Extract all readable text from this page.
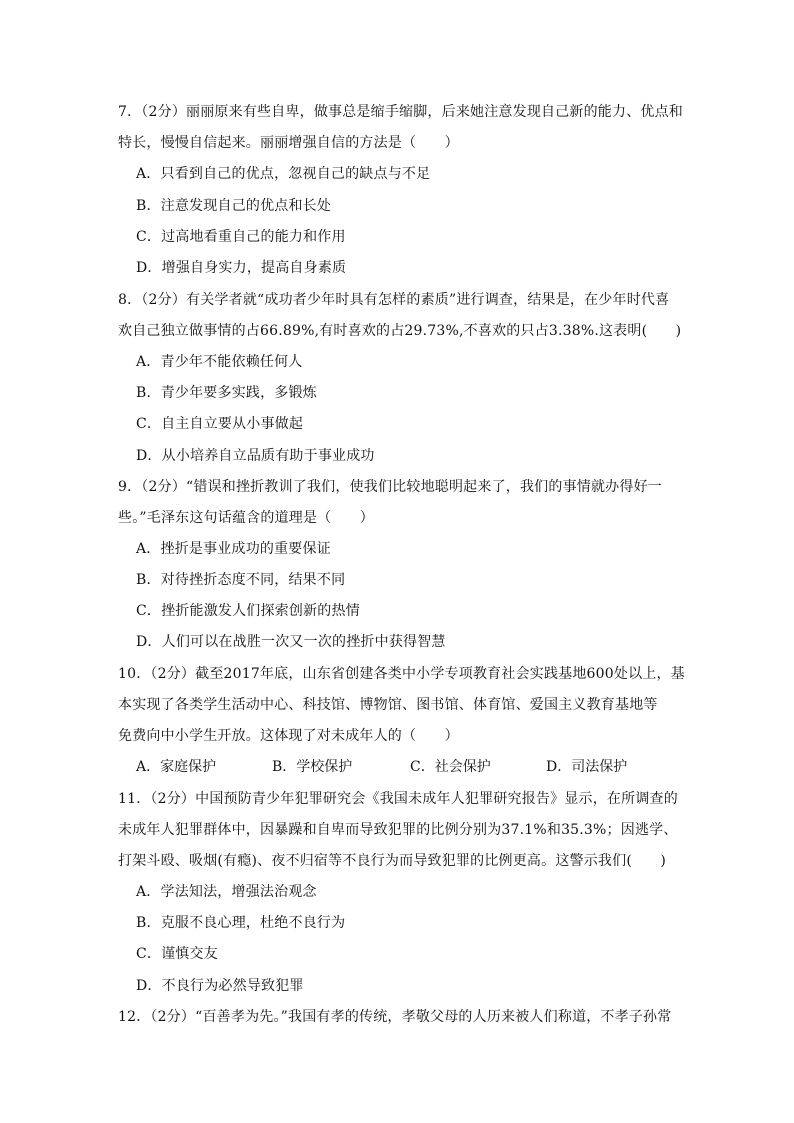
7．（2分）丽丽原来有些自卑，做事总是缩手缩脚，后来她注意发现自己新的能力、优点和
特长，慢慢自信起来。丽丽增强自信的方法是（　　）
A．只看到自己的优点，忽视自己的缺点与不足
B．注意发现自己的优点和长处
C．过高地看重自己的能力和作用
D．增强自身实力，提高自身素质
8．（2分）有关学者就“成功者少年时具有怎样的素质”进行调查，结果是，在少年时代喜
欢自己独立做事情的占66.89%,有时喜欢的占29.73%,不喜欢的只占3.38%.这表明(　　)
A．青少年不能依赖任何人
B．青少年要多实践，多锻炼
C．自主自立要从小事做起
D．从小培养自立品质有助于事业成功
9．（2分）“错误和挫折教训了我们，使我们比较地聪明起来了，我们的事情就办得好一
些。”毛泽东这句话蕴含的道理是（　　）
A．挫折是事业成功的重要保证
B．对待挫折态度不同，结果不同
C．挫折能激发人们探索创新的热情
D．人们可以在战胜一次又一次的挫折中获得智慧
10．（2分）截至2017年底，山东省创建各类中小学专项教育社会实践基地600处以上，基
本实现了各类学生活动中心、科技馆、博物馆、图书馆、体育馆、爱国主义教育基地等
免费向中小学生开放。这体现了对未成年人的（　　）
A．家庭保护	B．学校保护	C．社会保护	D．司法保护
11．（2分）中国预防青少年犯罪研究会《我国未成年人犯罪研究报告》显示，在所调查的
未成年人犯罪群体中，因暴躁和自卑而导致犯罪的比例分别为37.1%和35.3%；因逃学、
打架斗殴、吸烟(有瘾)、夜不归宿等不良行为而导致犯罪的比例更高。这警示我们(　　)
A．学法知法，增强法治观念
B．克服不良心理，杜绝不良行为
C．谨慎交友
D．不良行为必然导致犯罪
12．（2分）“百善孝为先。”我国有孝的传统，孝敬父母的人历来被人们称道，不孝子孙常
